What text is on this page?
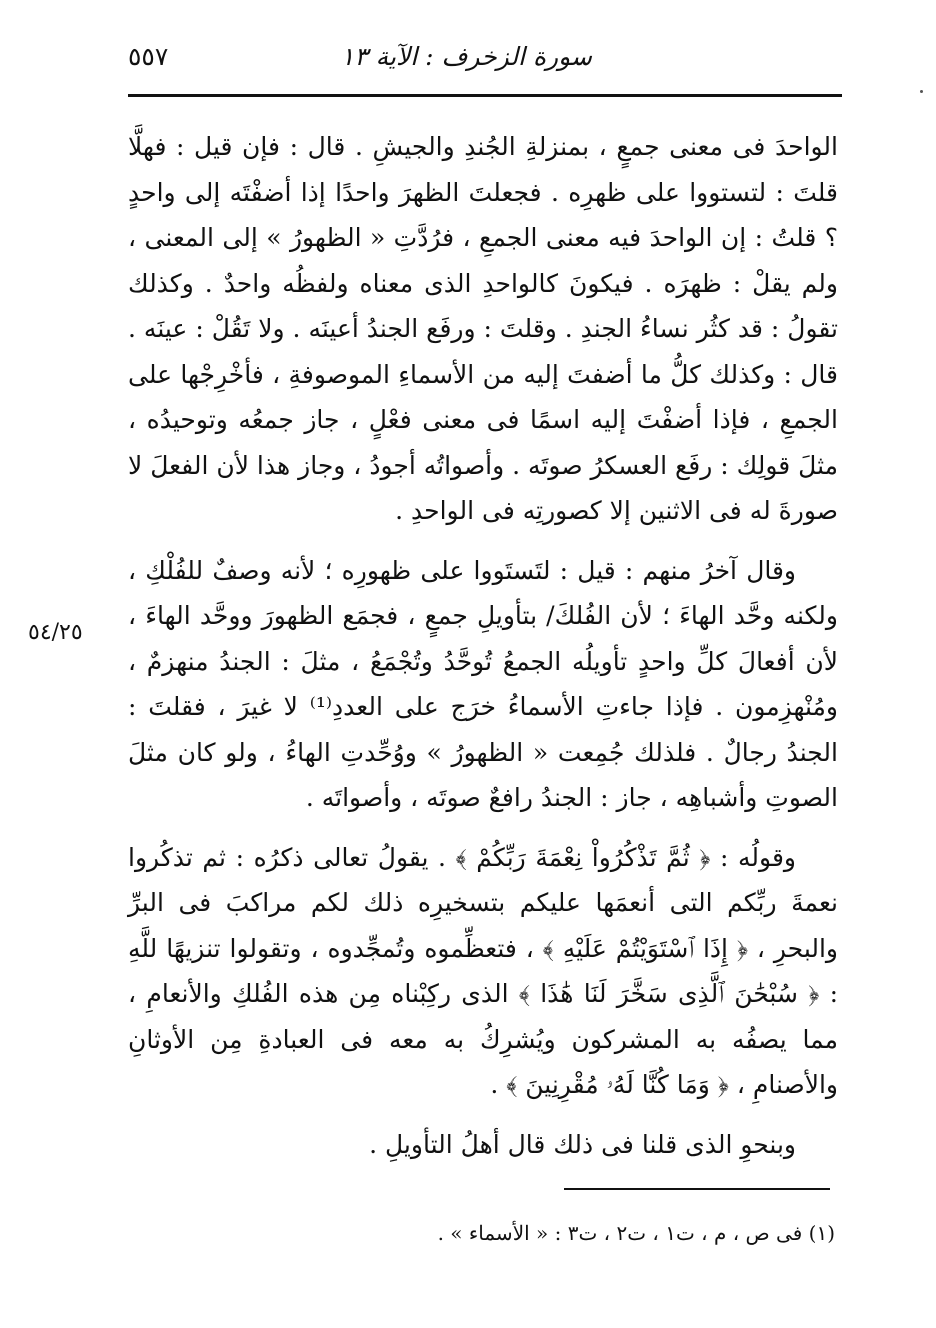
سورة الزخرف : الآية ١٣
٥٥٧
٥٤/٢٥

الواحدَ فى معنى جمعٍ ، بمنزلةِ الجُندِ والجيشِ . قال : فإن قيل : فهلَّا قلتَ : لتستووا على ظهرِه . فجعلتَ الظهرَ واحدًا إذا أضفْتَه إلى واحدٍ ؟ قلتُ : إن الواحدَ فيه معنى الجمعِ ، فرُدَّتِ « الظهورُ » إلى المعنى ، ولم يقلْ : ظهرَه . فيكونَ كالواحدِ الذى معناه ولفظُه واحدٌ . وكذلك تقولُ : قد كثُر نساءُ الجندِ . وقلتَ : ورفَع الجندُ أعينَه . ولا تَقُلْ : عينَه . قال : وكذلك كلُّ ما أضفتَ إليه من الأسماءِ الموصوفةِ ، فأخْرِجْها على الجمعِ ، فإذا أضفْتَ إليه اسمًا فى معنى فعْلٍ ، جاز جمعُه وتوحيدُه ، مثلَ قولِك : رفَع العسكرُ صوتَه . وأصواتُه أجودُ ، وجاز هذا لأن الفعلَ لا صورةَ له فى الاثنين إلا كصورتِه فى الواحدِ .

وقال آخرُ منهم : قيل : لتَستَووا على ظهورِه ؛ لأنه وصفٌ للفُلْكِ ، ولكنه وحَّد الهاءَ ؛ لأن الفُلكَ/ بتأويلِ جمعٍ ، فجمَع الظهورَ ووحَّد الهاءَ ، لأن أفعالَ كلِّ واحدٍ تأويلُه الجمعُ تُوحَّدُ وتُجْمَعُ ، مثلَ : الجندُ منهزمٌ ، ومُنْهزِمون . فإذا جاءتِ الأسماءُ خرَج على العددِ⁽¹⁾ لا غيرَ ، فقلتَ : الجندُ رجالٌ . فلذلك جُمِعت « الظهورُ » ووُحِّدتِ الهاءُ ، ولو كان مثلَ الصوتِ وأشباهِه ، جاز : الجندُ رافعٌ صوتَه ، وأصواتَه .

وقولُه : ﴿ ثُمَّ تَذْكُرُواْ نِعْمَةَ رَبِّكُمْ ﴾ . يقولُ تعالى ذكرُه : ثم تذكُروا نعمةَ ربِّكم التى أنعمَها عليكم بتسخيرِه ذلك لكم مراكبَ فى البرِّ والبحرِ ، ﴿ إِذَا ٱسْتَوَيْتُمْ عَلَيْهِ ﴾ ، فتعظِّموه وتُمجِّدوه ، وتقولوا تنزيهًا للَّهِ : ﴿ سُبْحَٰنَ ٱلَّذِى سَخَّرَ لَنَا هَٰذَا ﴾ الذى ركِبْناه مِن هذه الفُلكِ والأنعامِ ، مما يصفُه به المشركون ويُشرِكُ به معه فى العبادةِ مِن الأوثانِ والأصنامِ ، ﴿ وَمَا كُنَّا لَهُۥ مُقْرِنِينَ ﴾ .

وبنحوِ الذى قلنا فى ذلك قال أهلُ التأويلِ .

(١) فى ص ، م ، ت١ ، ت٢ ، ت٣ : « الأسماء » .
